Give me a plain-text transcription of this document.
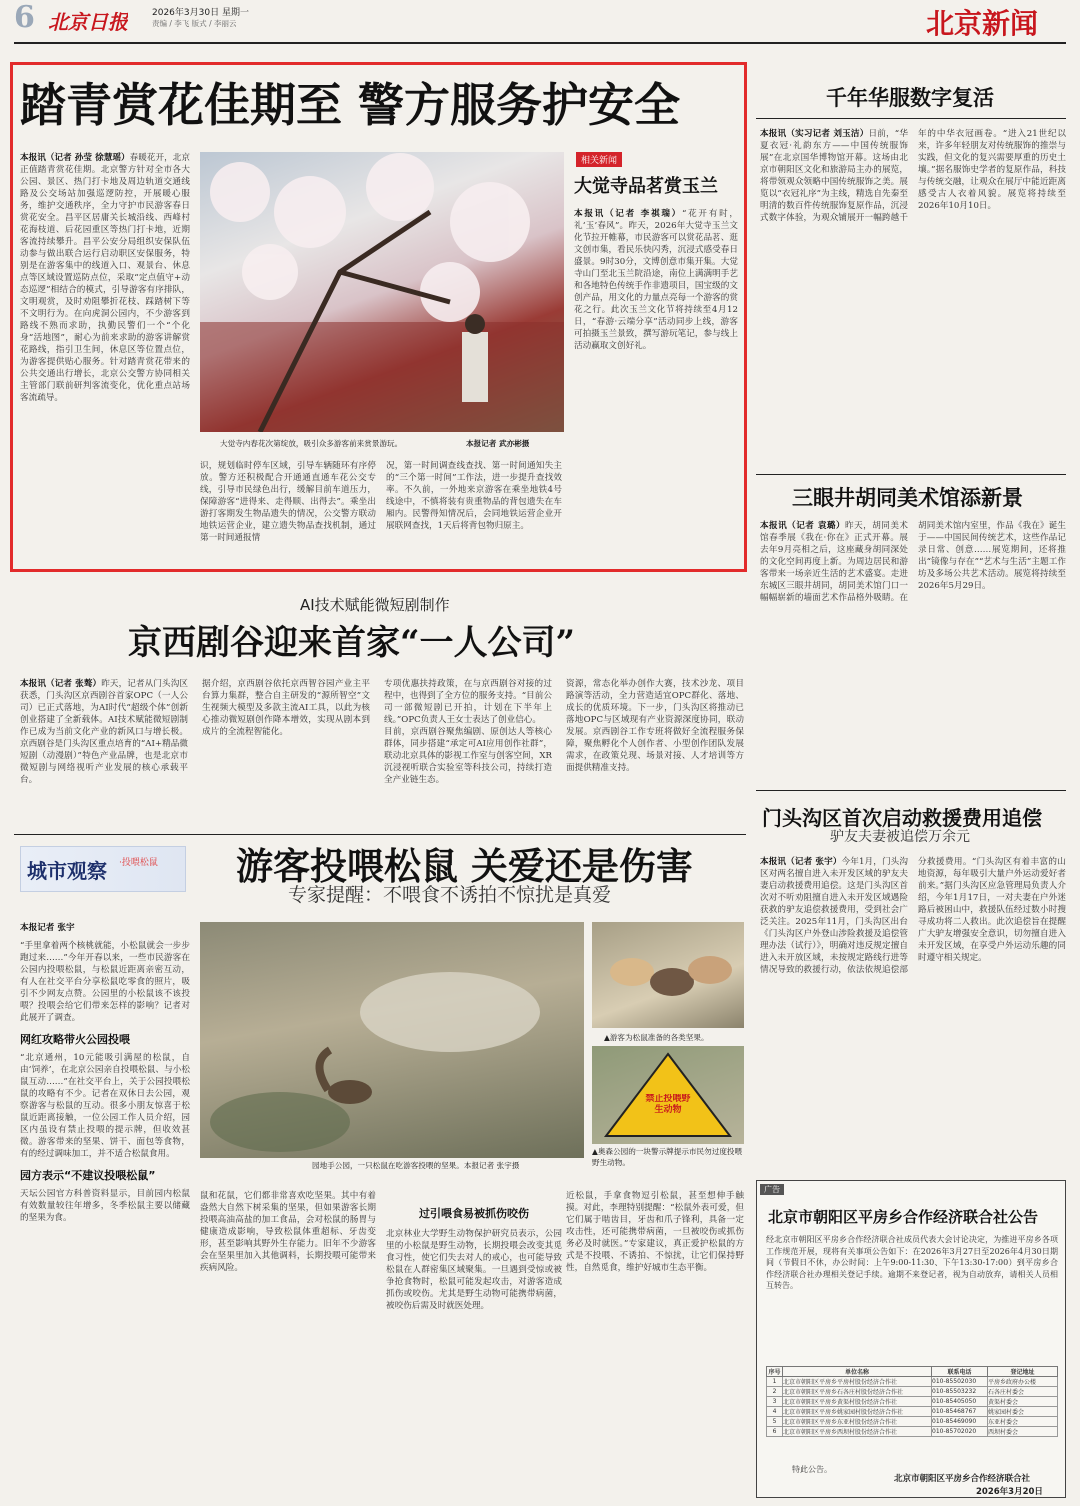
6 北京日报	2026年3月30日 星期一
责编 / 李飞 版式 / 李丽云	北京新闻
踏青赏花佳期至 警方服务护安全
本报讯（记者 孙莹 徐慧瑶）春暖花开，北京正值踏青赏花佳期。北京警方针对全市各大公园、景区、热门打卡地及周边轨道交通线路及公交场站加强巡逻防控，开展暖心服务，维护交通秩序，全力守护市民游客春日赏花安全。昌平区居庸关长城沿线、西峰村花海枝道、后花园重区等热门打卡地，近期客流持续攀升。昌平公安分局组织安保队伍动参与做出联合运行启动职区安保服务，特别是在游客集中的线道入口、观景台、休息点等区域设置巡防点位，采取“定点值守+动态巡逻”相结合的模式，引导游客有序排队，文明观赏，及时劝阻攀折花枝、踩踏树下等不文明行为。在向虎洞公园内，不少游客到路线不熟而求助，执勤民警们一个“个化身“活地图”，耐心为前来求助的游客讲解赏花路线，指引卫生间，休息区等位置点位，为游客提供贴心服务。针对踏青赏花带来的公共交通出行增长，北京公交警方协同相关主管部门联前研判客流变化，优化重点站场客流疏导。
大觉寺内春花次第绽放，吸引众多游客前来赏景游玩。	本报记者 武亦彬摄
识，规划临时停车区域，引导车辆随环有序停放。警方还积极配合开通通直通车花公交专线，引导市民绿色出行，缓解目前车道压力，保障游客“进得来、走得顺、出得去”。乘坐出游打客期发生物品遗失的情况，公交警方联动地铁运营企业，建立遗失物品查找机制，通过第一时间通报情
况，第一时间调查线查找、第一时间通知失主的“三个第一时间”工作法，进一步提升查找效率。不久前，一外地来京游客在乘坐地铁4号线途中，不慎将装有贵重物品的背包遗失在车厢内。民警得知情况后，会同地铁运营企业开展联网查找，1天后将背包物归原主。
相关新闻
大觉寺品茗赏玉兰
本报讯（记者 李祺瑞）“花开有时，礼‘玉’春风”。昨天，2026年大觉寺玉兰文化节拉开帷幕，市民游客可以赏花品茗、逛文创市集，看民乐快闪秀，沉浸式感受春日盛景。9时30分，文博创意市集开集。大觉寺山门至北玉兰院沿途，南位上满满明手艺和各地特色传统手作非遗项目，国宝级的文创产品，用文化的力量点亮每一个游客的赏花之行。此次玉兰文化节将持续至4月12日，“春游·云端分享”活动同步上线，游客可拍摄玉兰景致，撰写游玩笔记，参与线上活动赢取文创好礼。
千年华服数字复活
本报讯（实习记者 刘玉洁）日前，“华夏衣冠·礼韵东方——中国传统服饰展”在北京国华博物馆开幕。这场由北京市朝阳区文化和旅游局主办的展览，将带领观众领略中国传统服饰之美。展览以“衣冠礼序”为主线，精选自先秦至明清的数百件传统服饰复原作品，沉浸式数字体验，为观众铺展开一幅跨越千年的中华衣冠画卷。“进入21世纪以来，许多年轻朋友对传统服饰的推崇与实践，但文化的复兴需要厚重的历史土壤。”据名服饰史学者的复原作品，科技与传统交融，让观众在展厅中能近距离感受古人衣着风貌。展览将持续至2026年10月10日。
三眼井胡同美术馆添新景
本报讯（记者 袁璐）昨天，胡同美术馆春季展《我在·你在》正式开幕。展去年9月亮相之后，这座藏身胡同深处的文化空间再度上新。为周边居民和游客带来一场亲近生活的艺术盛宴。走进东城区三眼井胡同，胡同美术馆门口一幅幅崭新的墙面艺术作品格外吸睛。在胡同美术馆内室里，作品《我在》诞生于——中国民间传统艺术，这些作品记录日常、创意……展览期间，还将推出“镜像与存在”“艺术与生活”主题工作坊及多场公共艺术活动。展览将持续至2026年5月29日。
AI技术赋能微短剧制作
京西剧谷迎来首家“一人公司”
本报讯（记者 张骜）昨天，记者从门头沟区获悉，门头沟区京西剧谷首家OPC（一人公司）已正式落地，为AI时代“超级个体”创新创业搭建了全新载体。AI技术赋能微短剧制作已成为当前文化产业的新风口与增长极。京西剧谷是门头沟区重点培育的“AI+精品微短剧（动漫剧）”特色产业品牌，也是北京市微短剧与网络视听产业发展的核心承载平台。
据介绍，京西剧谷依托京西智谷园产业主平台算力集群，整合自主研发的“源所智空”文生视频大模型及多款主流AI工具，以此为核心推动微短剧创作降本增效，实现从剧本到成片的全流程智能化。
专项优惠扶持政策，在与京西剧谷对接的过程中，也得到了全方位的服务支持。“目前公司一部微短剧已开拍，计划在下半年上线。”OPC负责人王女士表达了创业信心。
目前，京西剧谷聚焦编剧、原创达人等核心群体，同步搭建“承定可AI应用创作社群”，联动北京具体的影视工作室与创客空间，XR沉浸视听联合实验室等科技公司，持续打造全产业链生态。
资源，常态化举办创作大赛，技术沙龙、项目路演等活动，全力营造适宜OPC群化、落地、成长的优质环境。下一步，门头沟区将推动已落地OPC与区域现有产业资源深度协同，联动发展。京西剧谷工作专班将做好全流程服务保障，聚焦孵化个人创作者、小型创作团队发展需求，在政策兑现、场景对接、人才培训等方面提供精准支持。
城市观察 ·投喂松鼠 游客投喂松鼠 关爱还是伤害
专家提醒：不喂食不诱拍不惊扰是真爱
本报记者 张宇
“手里拿着两个核桃就能，小松鼠就会一步步跑过来……”今年开春以来，一些市民游客在公园内投喂松鼠，与松鼠近距离亲密互动，有人在社交平台分享松鼠吃零食的照片，吸引不少网友点赞。公园里的小松鼠该不该投喂？投喂会给它们带来怎样的影响？记者对此展开了调查。
网红攻略带火公园投喂
“北京通州，10元能吸引满屋的松鼠，自由‘饲养’，在北京公园亲自投喂松鼠、与小松鼠互动……”在社交平台上，关于公园投喂松鼠的攻略有不少。记者在双休日去公园，观察游客与松鼠的互动。很多小朋友惊喜于松鼠近距离接触，一位公园工作人员介绍，园区内虽设有禁止投喂的提示牌，但收效甚微。游客带来的坚果、饼干、面包等食物，有的经过调味加工，并不适合松鼠食用。
园方表示“不建议投喂松鼠”
天坛公园官方科普资料显示，目前园内松鼠有效数量较往年增多，冬季松鼠主要以储藏的坚果为食。
园地手公园，一只松鼠在吃游客投喂的坚果。本报记者 张宇摄
▲游客为松鼠准备的各类坚果。
禁止投喂野生动物
▲奥森公园的一块警示牌提示市民勿过度投喂野生动物。
鼠和花鼠，它们都非常喜欢吃坚果。其中有着盎然大自然下树采集的坚果，但如果游客长期投喂高油高盐的加工食品，会对松鼠的肠胃与健康造成影响，导致松鼠体重超标、牙齿变形，甚至影响其野外生存能力。旧年不少游客会在坚果里加入其他调料，长期投喂可能带来疾病风险。
过引喂食易被抓伤咬伤
北京林业大学野生动物保护研究员表示，公园里的小松鼠是野生动物，长期投喂会改变其觅食习性，使它们失去对人的戒心，也可能导致松鼠在人群密集区域聚集。一旦遇到受惊或被争抢食物时，松鼠可能发起攻击，对游客造成抓伤或咬伤。尤其是野生动物可能携带病菌，被咬伤后需及时就医处理。
近松鼠，手拿食物逗引松鼠，甚至想伸手触摸。对此，李理特别提醒：“松鼠外表可爱，但它们属于啮齿目，牙齿和爪子锋利，具备一定攻击性，还可能携带病菌，一旦被咬伤或抓伤务必及时就医。”专家建议，真正爱护松鼠的方式是不投喂、不诱拍、不惊扰，让它们保持野性，自然觅食，维护好城市生态平衡。
门头沟区首次启动救援费用追偿
驴友夫妻被追偿万余元
本报讯（记者 张宇）今年1月，门头沟区对两名擅自进入未开发区域的驴友夫妻启动救援费用追偿。这是门头沟区首次对不听劝阻擅自进入未开发区域遇险获救的驴友追偿救援费用，受到社会广泛关注。2025年11月，门头沟区出台《门头沟区户外登山涉险救援及追偿管理办法（试行）》，明确对违反规定擅自进入未开放区域，未按规定路线行进等情况导致的救援行动，依法依规追偿部分救援费用。“门头沟区有着丰富的山地资源，每年吸引大量户外运动爱好者前来。”据门头沟区应急管理局负责人介绍，今年1月17日，一对夫妻在户外迷路后被困山中，救援队伍经过数小时搜寻成功将二人救出。此次追偿旨在提醒广大驴友增强安全意识，切勿擅自进入未开发区域，在享受户外运动乐趣的同时遵守相关规定。
广告
北京市朝阳区平房乡合作经济联合社公告
经北京市朝阳区平房乡合作经济联合社成员代表大会讨论决定，为推进平房乡各项工作规范开展，现将有关事项公告如下：在2026年3月27日至2026年4月30日期间（节假日不休，办公时间：上午9:00-11:30、下午13:30-17:00）到平房乡合作经济联合社办理相关登记手续。逾期不来登记者，视为自动放弃，请相关人员相互转告。
序号	单位名称	联系电话	登记地址
1	北京市朝阳区平房乡平房村股份经济合作社	010-85502030	平房乡政府办公楼
2	北京市朝阳区平房乡石各庄村股份经济合作社	010-85503232	石各庄村委会
3	北京市朝阳区平房乡黄渠村股份经济合作社	010-85405050	黄渠村委会
4	北京市朝阳区平房乡姚家园村股份经济合作社	010-85468767	姚家园村委会
5	北京市朝阳区平房乡东亚村股份经济合作社	010-85469090	东亚村委会
6	北京市朝阳区平房乡西坝村股份经济合作社	010-85702020	西坝村委会
特此公告。
北京市朝阳区平房乡合作经济联合社
2026年3月20日
